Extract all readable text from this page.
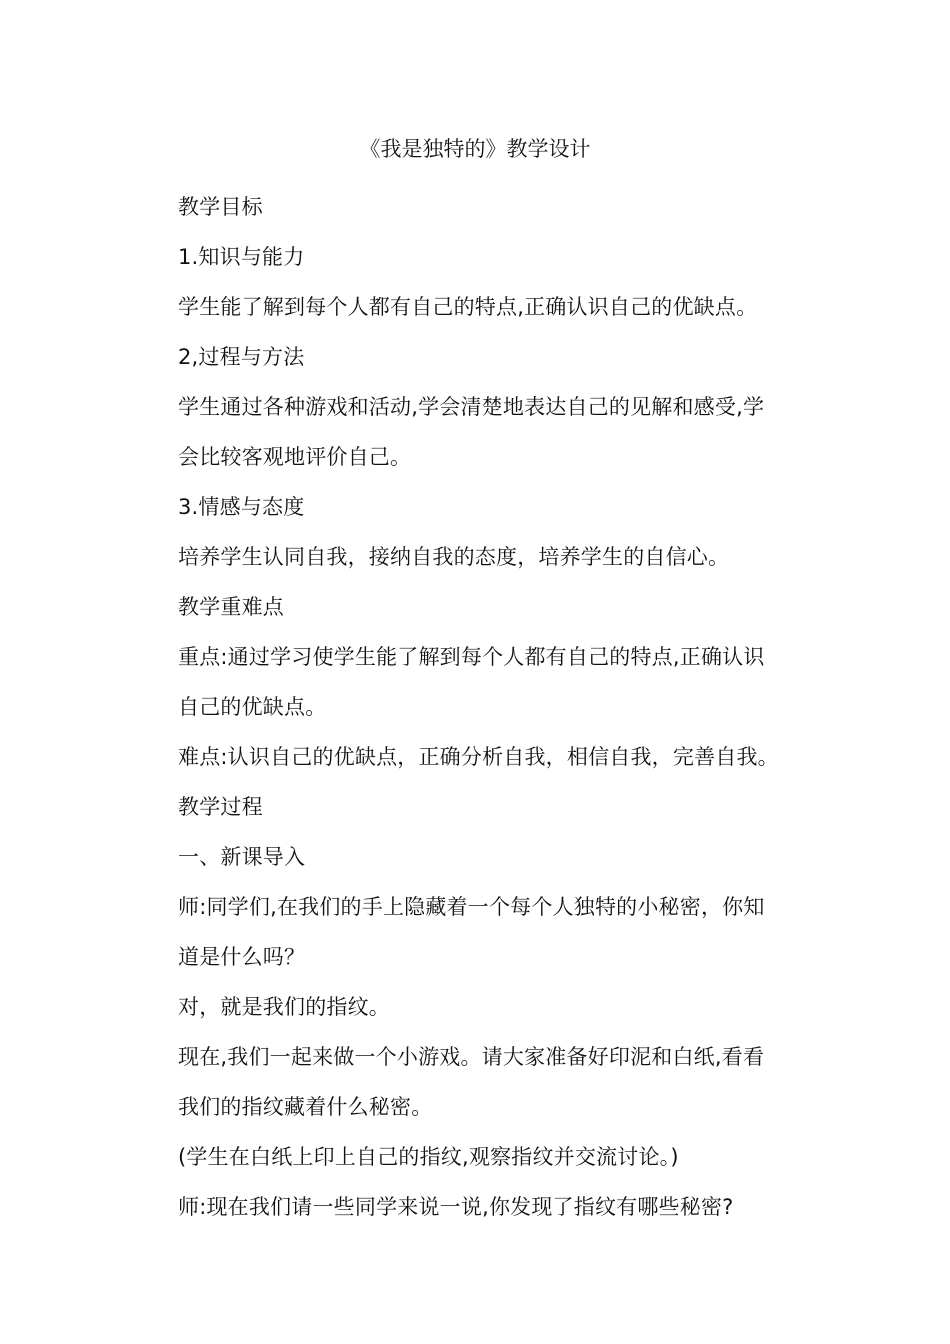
《我是独特的》教学设计
教学目标
1.知识与能力
学生能了解到每个人都有自己的特点,正确认识自己的优缺点。
2,过程与方法
学生通过各种游戏和活动,学会清楚地表达自己的见解和感受,学
会比较客观地评价自己。
3.情感与态度
培养学生认同自我，接纳自我的态度，培养学生的自信心。
教学重难点
重点:通过学习使学生能了解到每个人都有自己的特点,正确认识
自己的优缺点。
难点:认识自己的优缺点，正确分析自我，相信自我，完善自我。
教学过程
一、新课导入
师:同学们,在我们的手上隐藏着一个每个人独特的小秘密，你知
道是什么吗？
对，就是我们的指纹。
现在,我们一起来做一个小游戏。请大家准备好印泥和白纸,看看
我们的指纹藏着什么秘密。
(学生在白纸上印上自己的指纹,观察指纹并交流讨论。)
师:现在我们请一些同学来说一说,你发现了指纹有哪些秘密?
